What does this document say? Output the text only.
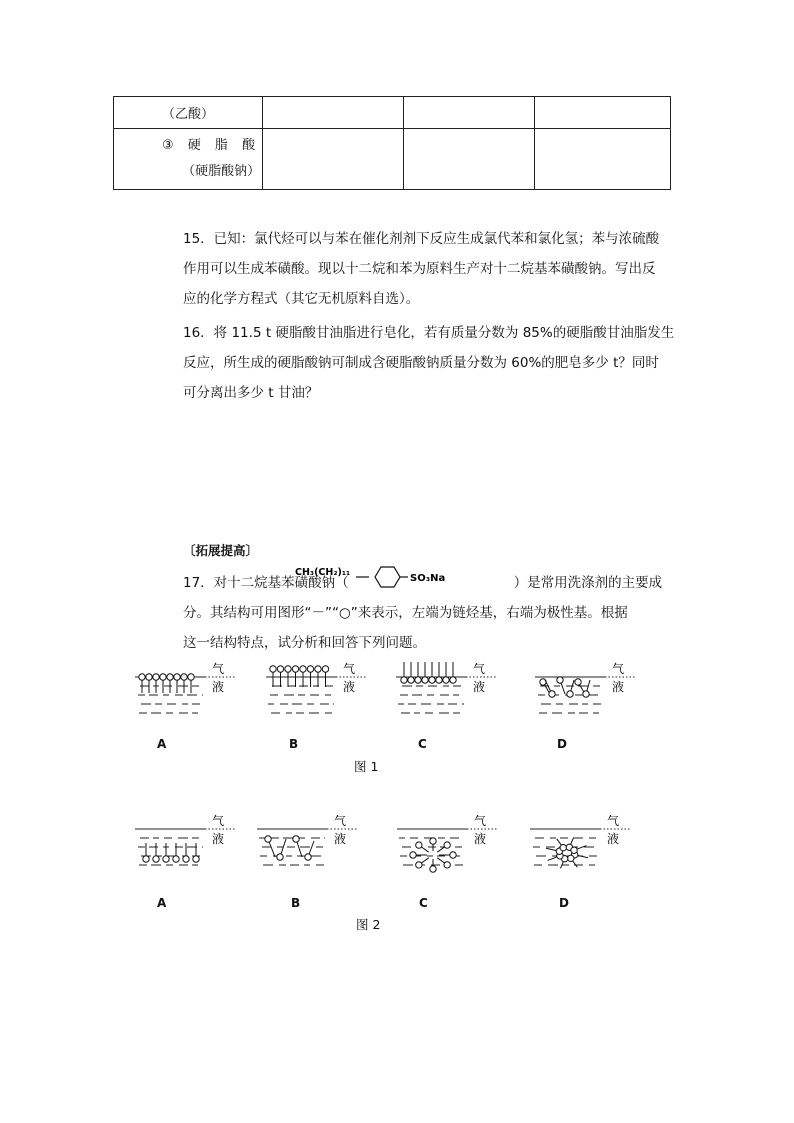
（乙酸）			

③ 硬 脂 酸
（硬脂酸钠）			

15．已知：氯代烃可以与苯在催化剂剂下反应生成氯代苯和氯化氢；苯与浓硫酸
作用可以生成苯磺酸。现以十二烷和苯为原料生产对十二烷基苯磺酸钠。写出反
应的化学方程式（其它无机原料自选）。
16．将 11.5 t 硬脂酸甘油脂进行皂化，若有质量分数为 85%的硬脂酸甘油脂发生
反应，所生成的硬脂酸钠可制成含硬脂酸钠质量分数为 60%的肥皂多少 t？同时
可分离出多少 t 甘油？
〔拓展提高〕
17．对十二烷基苯磺酸钠（	）是常用洗涤剂的主要成
CH₃(CH₂)₁₁
SO₃Na
分。其结构可用图形“－”“○”来表示，左端为链烃基，右端为极性基。根据
这一结构特点，试分析和回答下列问题。
气
液
气
液
气
液
气
液
A	B	C	D
图 1
气
液
气
液
气
液
气
液
A	B	C	D
图 2
